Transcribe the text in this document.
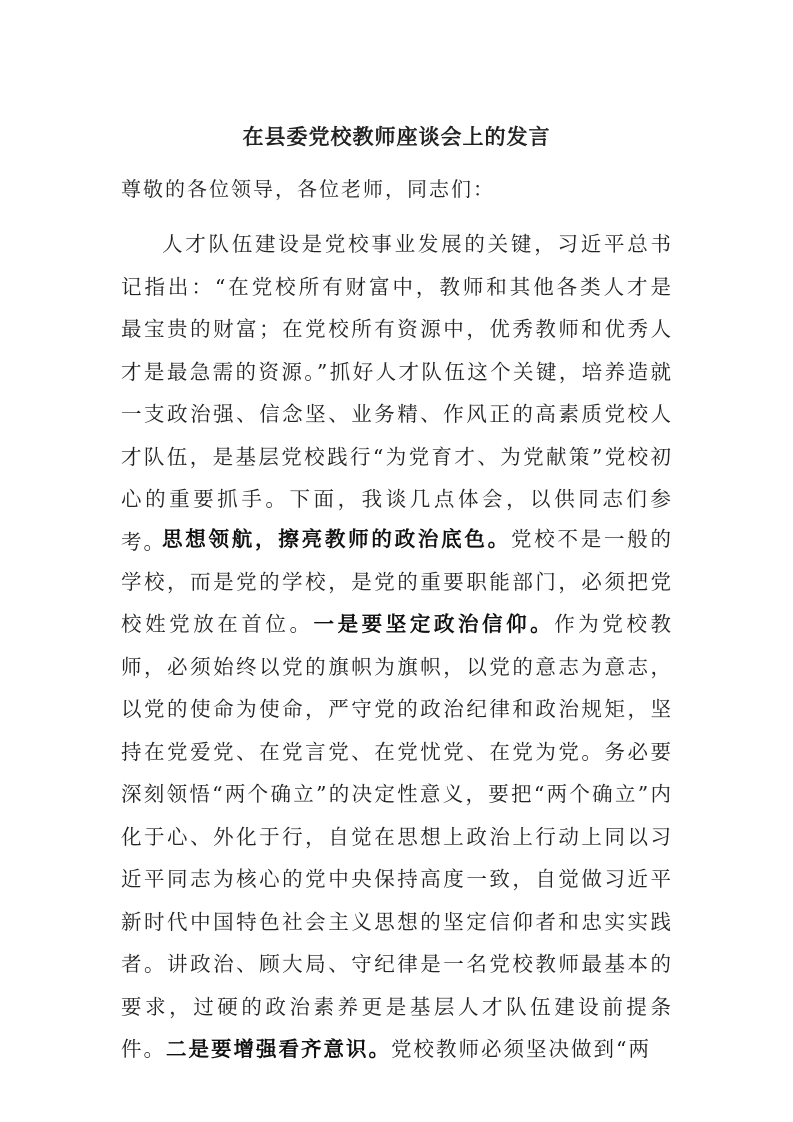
在县委党校教师座谈会上的发言
尊敬的各位领导，各位老师，同志们：

人才队伍建设是党校事业发展的关键，习近平总书记指出：“在党校所有财富中，教师和其他各类人才是最宝贵的财富；在党校所有资源中，优秀教师和优秀人才是最急需的资源。”抓好人才队伍这个关键，培养造就一支政治强、信念坚、业务精、作风正的高素质党校人才队伍，是基层党校践行“为党育才、为党献策”党校初心的重要抓手。下面，我谈几点体会，以供同志们参考。

思想领航，擦亮教师的政治底色。党校不是一般的学校，而是党的学校，是党的重要职能部门，必须把党校姓党放在首位。一是要坚定政治信仰。作为党校教师，必须始终以党的旗帜为旗帜，以党的意志为意志，以党的使命为使命，严守党的政治纪律和政治规矩，坚持在党爱党、在党言党、在党忧党、在党为党。务必要深刻领悟“两个确立”的决定性意义，要把“两个确立”内化于心、外化于行，自觉在思想上政治上行动上同以习近平同志为核心的党中央保持高度一致，自觉做习近平新时代中国特色社会主义思想的坚定信仰者和忠实实践者。讲政治、顾大局、守纪律是一名党校教师最基本的要求，过硬的政治素养更是基层人才队伍建设前提条件。二是要增强看齐意识。党校教师必须坚决做到“两
